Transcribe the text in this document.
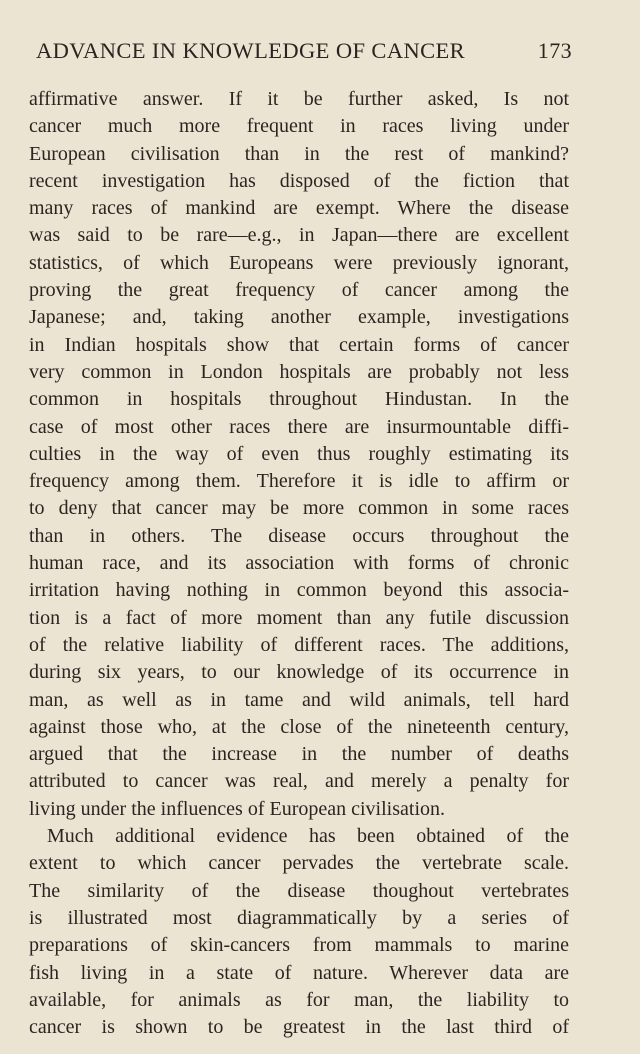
ADVANCE IN KNOWLEDGE OF CANCER	173
affirmative answer. If it be further asked, Is not
cancer much more frequent in races living under
European civilisation than in the rest of mankind?
recent investigation has disposed of the fiction that
many races of mankind are exempt. Where the disease
was said to be rare—e.g., in Japan—there are excellent
statistics, of which Europeans were previously ignorant,
proving the great frequency of cancer among the
Japanese; and, taking another example, investigations
in Indian hospitals show that certain forms of cancer
very common in London hospitals are probably not less
common in hospitals throughout Hindustan. In the
case of most other races there are insurmountable diffi-
culties in the way of even thus roughly estimating its
frequency among them. Therefore it is idle to affirm or
to deny that cancer may be more common in some races
than in others. The disease occurs throughout the
human race, and its association with forms of chronic
irritation having nothing in common beyond this associa-
tion is a fact of more moment than any futile discussion
of the relative liability of different races. The additions,
during six years, to our knowledge of its occurrence in
man, as well as in tame and wild animals, tell hard
against those who, at the close of the nineteenth century,
argued that the increase in the number of deaths
attributed to cancer was real, and merely a penalty for
living under the influences of European civilisation.
Much additional evidence has been obtained of the
extent to which cancer pervades the vertebrate scale.
The similarity of the disease thoughout vertebrates
is illustrated most diagrammatically by a series of
preparations of skin-cancers from mammals to marine
fish living in a state of nature. Wherever data are
available, for animals as for man, the liability to
cancer is shown to be greatest in the last third of
